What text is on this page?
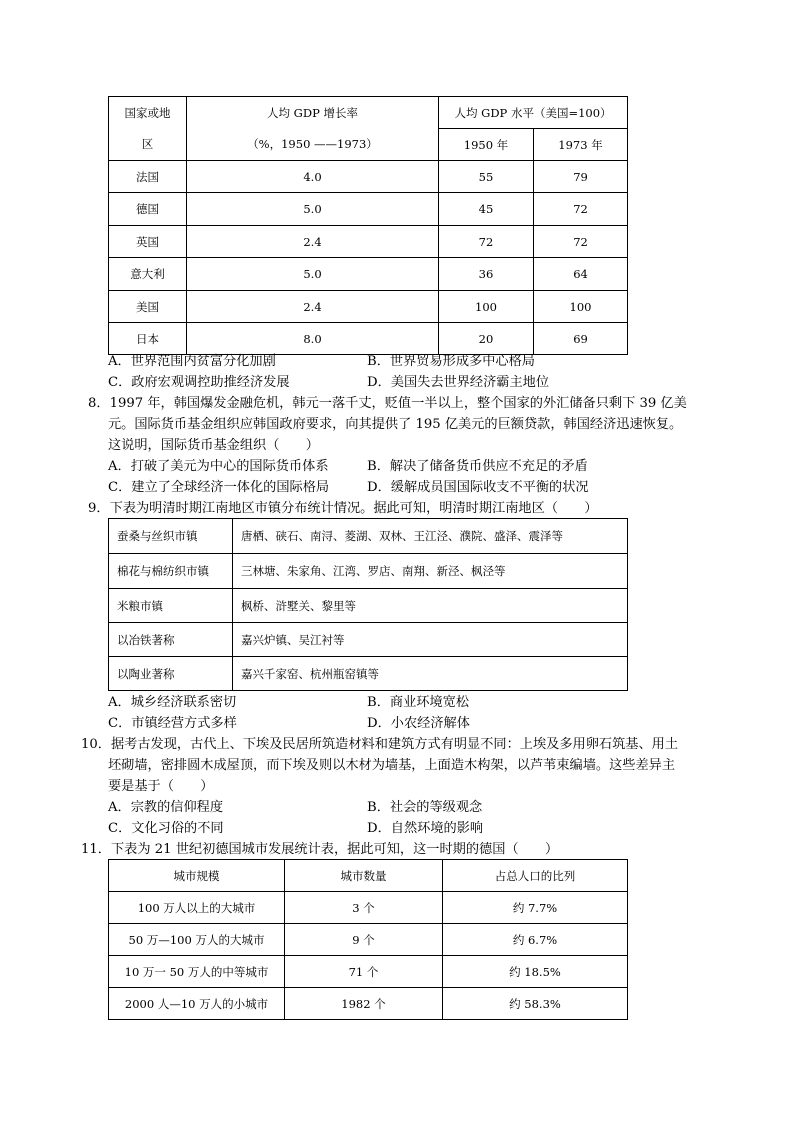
国家或地	人均 GDP 增长率	人均 GDP 水平（美国=100）	
区	（%，1950 ——1973）	1950 年	1973 年
法国	4.0	55	79
德国	5.0	45	72
英国	2.4	72	72
意大利	5.0	36	64
美国	2.4	100	100
日本	8.0	20	69
A．世界范围内贫富分化加剧	B．世界贸易形成多中心格局
C．政府宏观调控助推经济发展	D．美国失去世界经济霸主地位
8．1997 年，韩国爆发金融危机，韩元一落千丈，贬值一半以上，整个国家的外汇储备只剩下 39 亿美
元。国际货币基金组织应韩国政府要求，向其提供了 195 亿美元的巨额贷款，韩国经济迅速恢复。
这说明，国际货币基金组织（　　）
A．打破了美元为中心的国际货币体系	B．解决了储备货币供应不充足的矛盾
C．建立了全球经济一体化的国际格局	D．缓解成员国国际收支不平衡的状况
9．下表为明清时期江南地区市镇分布统计情况。据此可知，明清时期江南地区（　　）
蚕桑与丝织市镇	唐栖、硖石、南浔、菱湖、双林、王江泾、濮院、盛泽、震泽等
棉花与棉纺织市镇	三林塘、朱家角、江湾、罗店、南翔、新泾、枫泾等
米粮市镇	枫桥、浒墅关、黎里等
以冶铁著称	嘉兴炉镇、吴江衬等
以陶业著称	嘉兴千家窑、杭州瓶窑镇等
A．城乡经济联系密切	B．商业环境宽松
C．市镇经营方式多样	D．小农经济解体
10．据考古发现，古代上、下埃及民居所筑造材料和建筑方式有明显不同：上埃及多用卵石筑基、用土
坯砌墙，密排圆木成屋顶，而下埃及则以木材为墙基，上面造木构架，以芦苇束编墙。这些差异主
要是基于（　　）
A．宗教的信仰程度	B．社会的等级观念
C．文化习俗的不同	D．自然环境的影响
11．下表为 21 世纪初德国城市发展统计表，据此可知，这一时期的德国（　　）
城市规模	城市数量	占总人口的比列
100 万人以上的大城市	3 个	约 7.7%
50 万—100 万人的大城市	9 个	约 6.7%
10 万一 50 万人的中等城市	71 个	约 18.5%
2000 人—10 万人的小城市	1982 个	约 58.3%
